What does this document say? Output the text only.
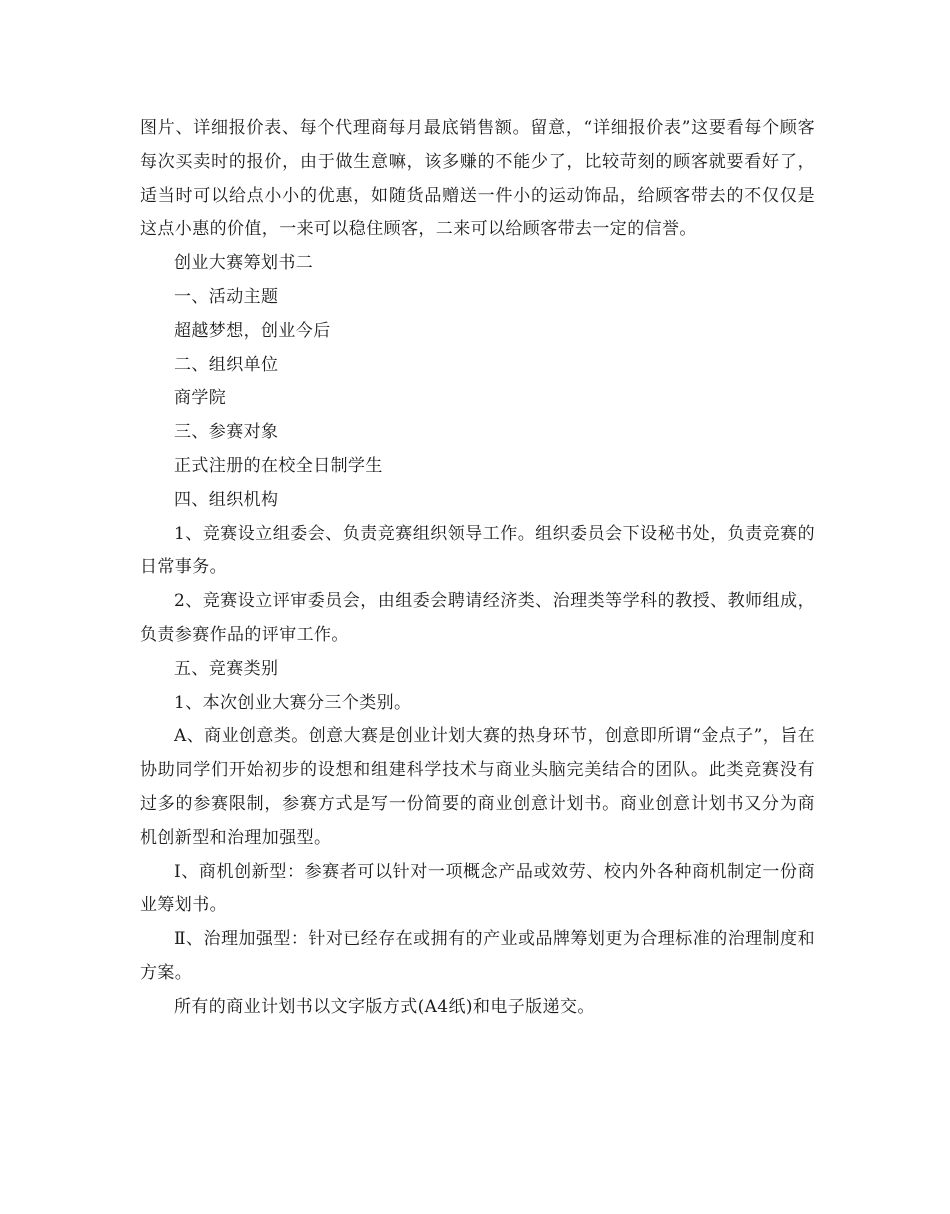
图片、详细报价表、每个代理商每月最底销售额。留意，“详细报价表”这要看每个顾客每次买卖时的报价，由于做生意嘛，该多赚的不能少了，比较苛刻的顾客就要看好了，适当时可以给点小小的优惠，如随货品赠送一件小的运动饰品，给顾客带去的不仅仅是这点小惠的价值，一来可以稳住顾客，二来可以给顾客带去一定的信誉。

创业大赛筹划书二

一、活动主题

超越梦想，创业今后

二、组织单位

商学院

三、参赛对象

正式注册的在校全日制学生

四、组织机构

1、竞赛设立组委会、负责竞赛组织领导工作。组织委员会下设秘书处，负责竞赛的日常事务。

2、竞赛设立评审委员会，由组委会聘请经济类、治理类等学科的教授、教师组成，负责参赛作品的评审工作。

五、竞赛类别

1、本次创业大赛分三个类别。

A、商业创意类。创意大赛是创业计划大赛的热身环节，创意即所谓“金点子”，旨在协助同学们开始初步的设想和组建科学技术与商业头脑完美结合的团队。此类竞赛没有过多的参赛限制，参赛方式是写一份简要的商业创意计划书。商业创意计划书又分为商机创新型和治理加强型。

Ⅰ、商机创新型：参赛者可以针对一项概念产品或效劳、校内外各种商机制定一份商业筹划书。

Ⅱ、治理加强型：针对已经存在或拥有的产业或品牌筹划更为合理标准的治理制度和方案。

所有的商业计划书以文字版方式(A4纸)和电子版递交。
